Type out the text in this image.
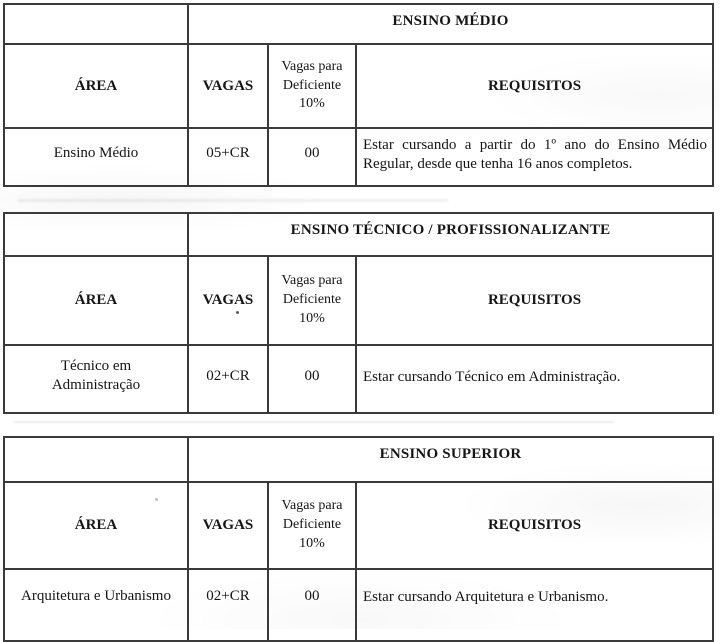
	ENSINO MÉDIO		
ÁREA	VAGAS	Vagas para Deficiente 10%	REQUISITOS
Ensino Médio	05+CR	00	Estar cursando a partir do 1º ano do Ensino Médio Regular, desde que tenha 16 anos completos.
	ENSINO TÉCNICO / PROFISSIONALIZANTE		
ÁREA	VAGAS	Vagas para Deficiente 10%	REQUISITOS
Técnico em Administração	02+CR	00	Estar cursando Técnico em Administração.
	ENSINO SUPERIOR		
ÁREA	VAGAS	Vagas para Deficiente 10%	REQUISITOS
Arquitetura e Urbanismo	02+CR	00	Estar cursando Arquitetura e Urbanismo.
